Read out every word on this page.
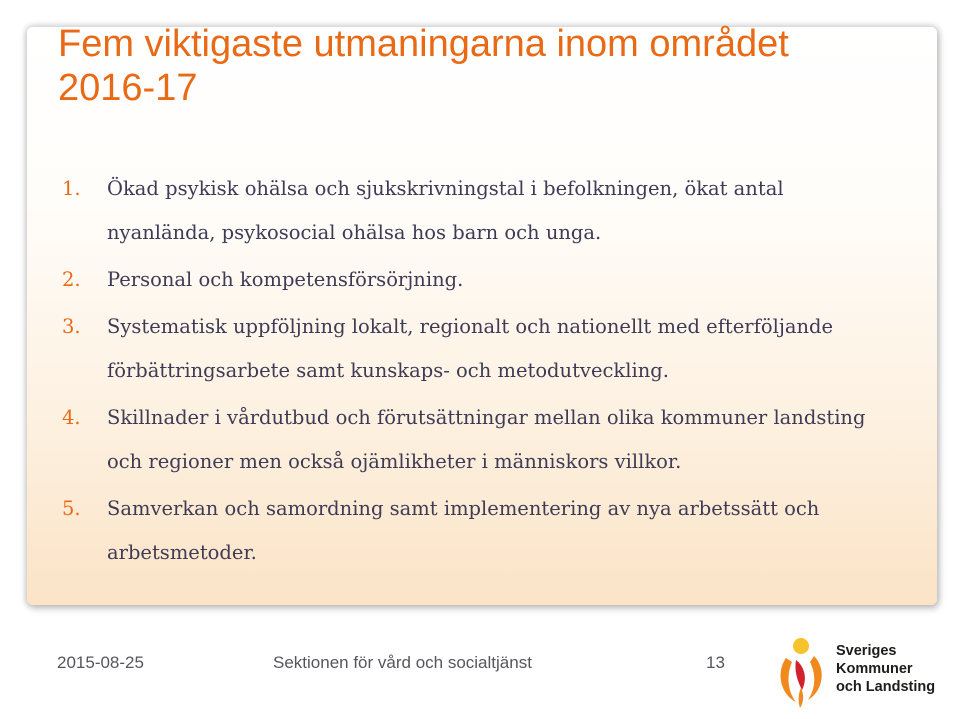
Fem viktigaste utmaningarna inom området 2016-17
1. Ökad psykisk ohälsa och sjukskrivningstal i befolkningen, ökat antal nyanlända, psykosocial ohälsa hos barn och unga.
2. Personal och kompetensförsörjning.
3. Systematisk uppföljning lokalt, regionalt och nationellt med efterföljande förbättringsarbete samt kunskaps- och metodutveckling.
4. Skillnader i vårdutbud och förutsättningar mellan olika kommuner landsting och regioner men också ojämlikheter i människors villkor.
5. Samverkan och samordning samt implementering av nya arbetssätt och arbetsmetoder.
2015-08-25	Sektionen för vård och socialtjänst	13
Sveriges
Kommuner
och Landsting
